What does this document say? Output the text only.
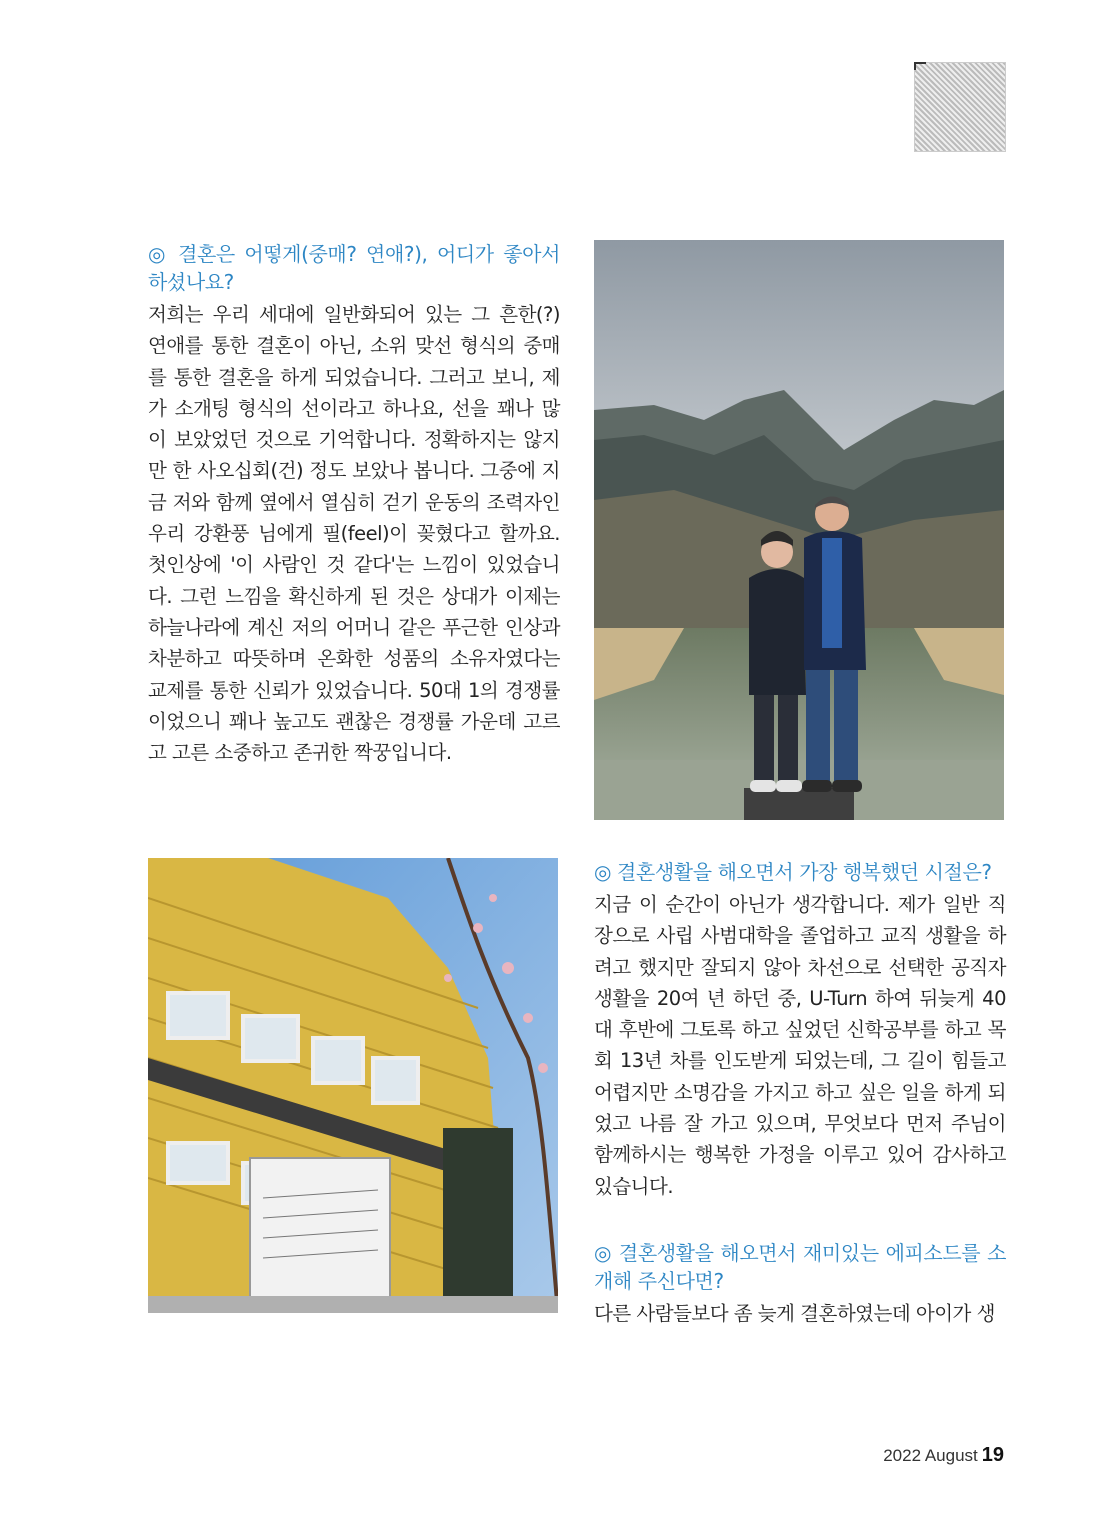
◎ 결혼은 어떻게(중매? 연애?), 어디가 좋아서 하셨나요?

저희는 우리 세대에 일반화되어 있는 그 흔한(?) 연애를 통한 결혼이 아닌, 소위 맞선 형식의 중매를 통한 결혼을 하게 되었습니다. 그러고 보니, 제가 소개팅 형식의 선이라고 하나요, 선을 꽤나 많이 보았었던 것으로 기억합니다. 정확하지는 않지만 한 사오십회(건) 정도 보았나 봅니다. 그중에 지금 저와 함께 옆에서 열심히 걷기 운동의 조력자인 우리 강환풍 님에게 필(feel)이 꽂혔다고 할까요. 첫인상에 '이 사람인 것 같다'는 느낌이 있었습니다. 그런 느낌을 확신하게 된 것은 상대가 이제는 하늘나라에 계신 저의 어머니 같은 푸근한 인상과 차분하고 따뜻하며 온화한 성품의 소유자였다는 교제를 통한 신뢰가 있었습니다. 50대 1의 경쟁률이었으니 꽤나 높고도 괜찮은 경쟁률 가운데 고르고 고른 소중하고 존귀한 짝꿍입니다.

◎ 결혼생활을 해오면서 가장 행복했던 시절은?

지금 이 순간이 아닌가 생각합니다. 제가 일반 직장으로 사립 사범대학을 졸업하고 교직 생활을 하려고 했지만 잘되지 않아 차선으로 선택한 공직자 생활을 20여 년 하던 중, U-Turn 하여 뒤늦게 40대 후반에 그토록 하고 싶었던 신학공부를 하고 목회 13년 차를 인도받게 되었는데, 그 길이 힘들고 어렵지만 소명감을 가지고 하고 싶은 일을 하게 되었고 나름 잘 가고 있으며, 무엇보다 먼저 주님이 함께하시는 행복한 가정을 이루고 있어 감사하고 있습니다.

◎ 결혼생활을 해오면서 재미있는 에피소드를 소개해 주신다면?

다른 사람들보다 좀 늦게 결혼하였는데 아이가 생

2022 August 19
